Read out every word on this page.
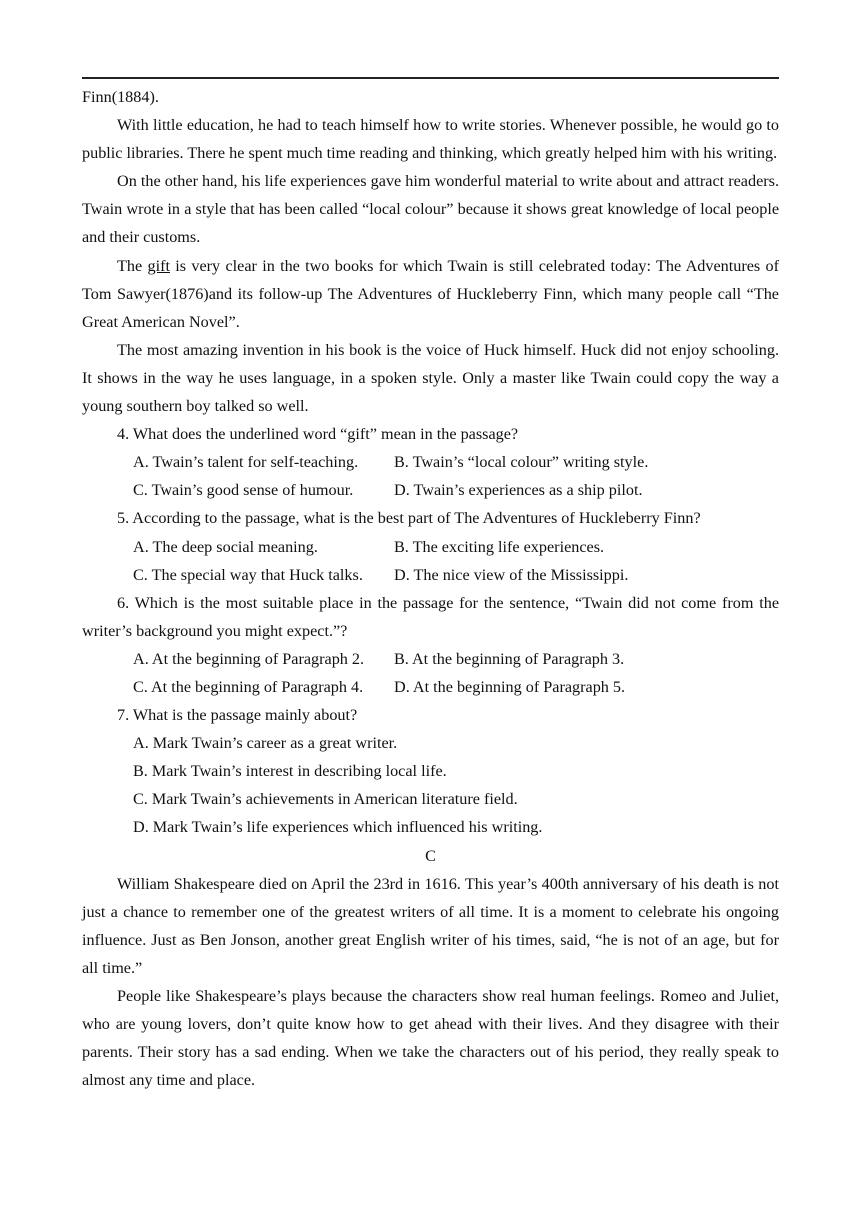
Finn(1884).

With little education, he had to teach himself how to write stories. Whenever possible, he would go to public libraries. There he spent much time reading and thinking, which greatly helped him with his writing.

On the other hand, his life experiences gave him wonderful material to write about and attract readers. Twain wrote in a style that has been called “local colour” because it shows great knowledge of local people and their customs.

The gift is very clear in the two books for which Twain is still celebrated today: The Adventures of Tom Sawyer(1876)and its follow-up The Adventures of Huckleberry Finn, which many people call “The Great American Novel”.

The most amazing invention in his book is the voice of Huck himself. Huck did not enjoy schooling. It shows in the way he uses language, in a spoken style. Only a master like Twain could copy the way a young southern boy talked so well.

4. What does the underlined word “gift” mean in the passage?

A. Twain’s talent for self-teaching.	B. Twain’s “local colour” writing style.
C. Twain’s good sense of humour.	D. Twain’s experiences as a ship pilot.

5. According to the passage, what is the best part of The Adventures of Huckleberry Finn?

A. The deep social meaning.	B. The exciting life experiences.
C. The special way that Huck talks.	D. The nice view of the Mississippi.

6. Which is the most suitable place in the passage for the sentence, “Twain did not come from the writer’s background you might expect.”?

A. At the beginning of Paragraph 2.	B. At the beginning of Paragraph 3.
C. At the beginning of Paragraph 4.	D. At the beginning of Paragraph 5.

7. What is the passage mainly about?

A. Mark Twain’s career as a great writer.

B. Mark Twain’s interest in describing local life.

C. Mark Twain’s achievements in American literature field.

D. Mark Twain’s life experiences which influenced his writing.

C

William Shakespeare died on April the 23rd in 1616. This year’s 400th anniversary of his death is not just a chance to remember one of the greatest writers of all time. It is a moment to celebrate his ongoing influence. Just as Ben Jonson, another great English writer of his times, said, “he is not of an age, but for all time.”

People like Shakespeare’s plays because the characters show real human feelings. Romeo and Juliet, who are young lovers, don’t quite know how to get ahead with their lives. And they disagree with their parents. Their story has a sad ending. When we take the characters out of his period, they really speak to almost any time and place.
